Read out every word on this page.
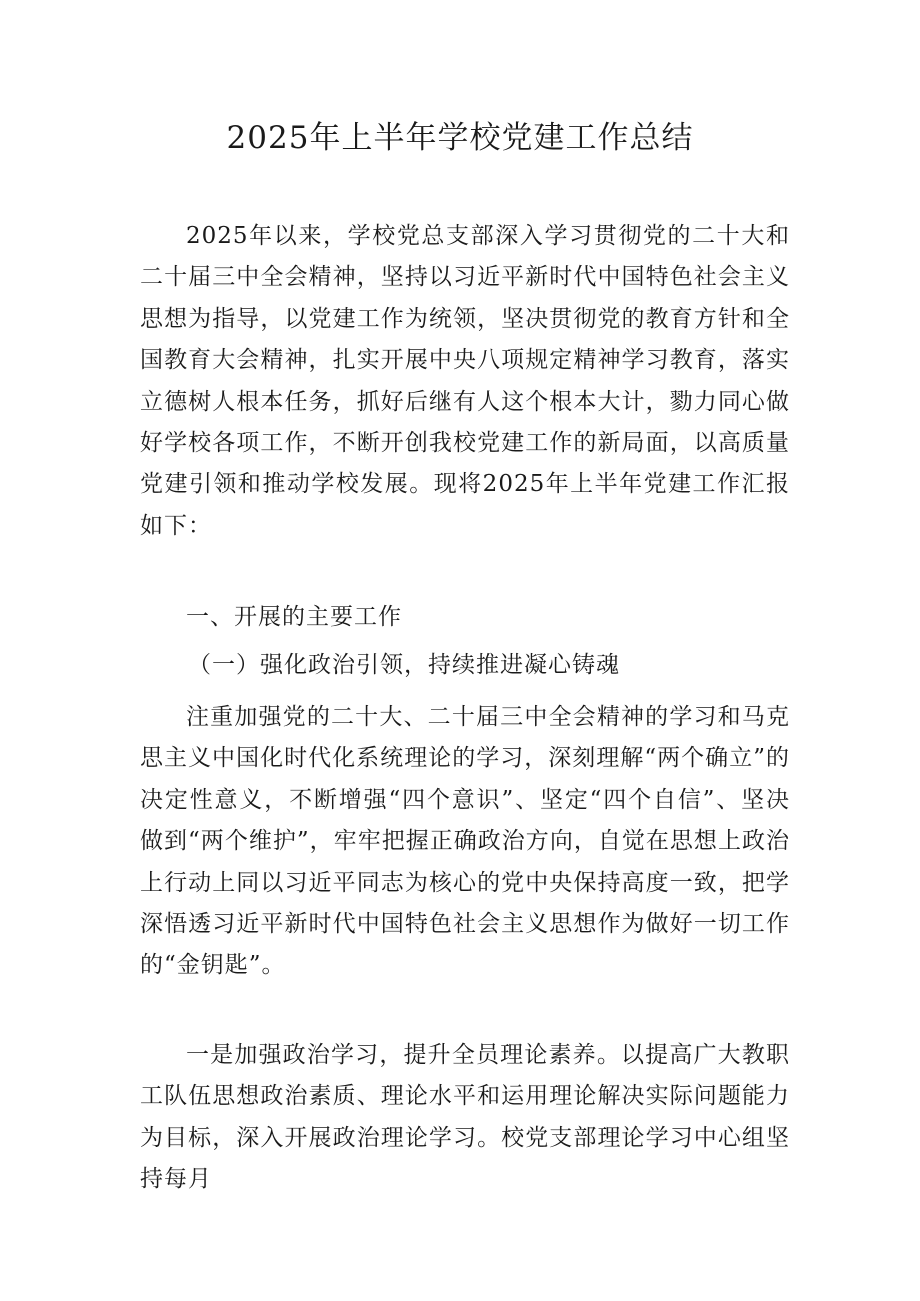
2025年上半年学校党建工作总结

2025年以来，学校党总支部深入学习贯彻党的二十大和二十届三中全会精神，坚持以习近平新时代中国特色社会主义思想为指导，以党建工作为统领，坚决贯彻党的教育方针和全国教育大会精神，扎实开展中央八项规定精神学习教育，落实立德树人根本任务，抓好后继有人这个根本大计，勠力同心做好学校各项工作，不断开创我校党建工作的新局面，以高质量党建引领和推动学校发展。现将2025年上半年党建工作汇报如下：

一、开展的主要工作

（一）强化政治引领，持续推进凝心铸魂

注重加强党的二十大、二十届三中全会精神的学习和马克思主义中国化时代化系统理论的学习，深刻理解“两个确立”的决定性意义，不断增强“四个意识”、坚定“四个自信”、坚决做到“两个维护”，牢牢把握正确政治方向，自觉在思想上政治上行动上同以习近平同志为核心的党中央保持高度一致，把学深悟透习近平新时代中国特色社会主义思想作为做好一切工作的“金钥匙”。

一是加强政治学习，提升全员理论素养。以提高广大教职工队伍思想政治素质、理论水平和运用理论解决实际问题能力为目标，深入开展政治理论学习。校党支部理论学习中心组坚持每月
